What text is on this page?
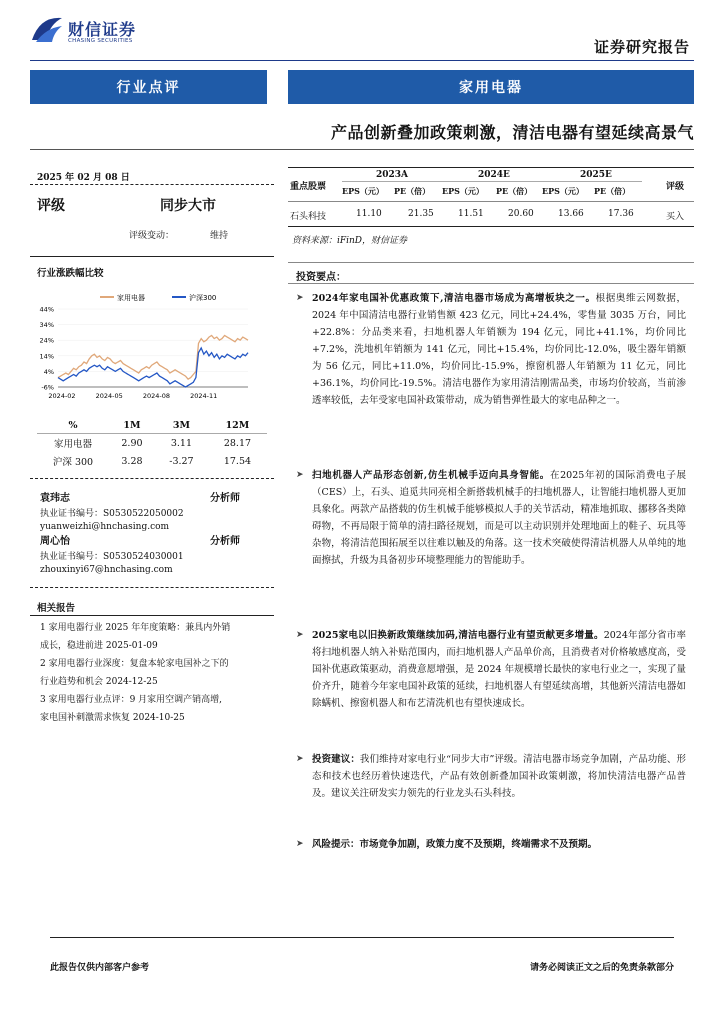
财信证券
CHASING SECURITIES	证券研究报告
行业点评	家用电器
产品创新叠加政策刺激，清洁电器有望延续高景气
2025 年 02 月 08 日
评级	同步大市
评级变动：	维持
行业涨跌幅比较
家用电器	沪深300
44%
34%
24%
14%
4%
-6%
2024-02	2024-05	2024-08	2024-11
%	1M	3M	12M
家用电器	2.90	3.11	28.17
沪深 300	3.28	-3.27	17.54
袁玮志	分析师
执业证书编号：S0530522050002
yuanweizhi@hnchasing.com
周心怡	分析师
执业证书编号：S0530524030001
zhouxinyi67@hnchasing.com
相关报告
1 家用电器行业 2025 年年度策略：兼具内外销
成长，稳进前进 2025-01-09
2 家用电器行业深度：复盘本轮家电国补之下的
行业趋势和机会 2024-12-25
3 家用电器行业点评：9 月家用空调产销高增,
家电国补刺激需求恢复 2024-10-25
重点股票	评级
2023A	2024E	2025E
EPS（元） PE（倍） EPS（元） PE（倍） EPS（元） PE（倍）
石头科技	11.10	21.35	11.51	20.60	13.66	17.36	买入
资料来源：iFinD，财信证券
投资要点：
➤ 2024年家电国补优惠政策下,清洁电器市场成为高增板块之一。根据奥维云网数据，2024 年中国清洁电器行业销售额 423 亿元，同比+24.4%，零售量 3035 万台，同比+22.8%：分品类来看，扫地机器人年销额为 194 亿元，同比+41.1%，均价同比+7.2%，洗地机年销额为 141 亿元，同比+15.4%，均价同比-12.0%，吸尘器年销额为 56 亿元，同比+11.0%，均价同比-15.9%，擦窗机器人年销额为 11 亿元，同比+36.1%，均价同比-19.5%。清洁电器作为家用清洁刚需品类，市场均价较高，当前渗透率较低，去年受家电国补政策带动，成为销售弹性最大的家电品种之一。
➤ 扫地机器人产品形态创新,仿生机械手迈向具身智能。在2025年初的国际消费电子展（CES）上，石头、追觅共同亮相全新搭载机械手的扫地机器人，让智能扫地机器人更加具象化。两款产品搭载的仿生机械手能够模拟人手的关节活动，精准地抓取、挪移各类障碍物，不再局限于简单的清扫路径规划，而是可以主动识别并处理地面上的鞋子、玩具等杂物，将清洁范围拓展至以往难以触及的角落。这一技术突破使得清洁机器人从单纯的地面擦拭，升级为具备初步环境整理能力的智能助手。
➤ 2025家电以旧换新政策继续加码,清洁电器行业有望贡献更多增量。2024年部分省市率将扫地机器人纳入补贴范围内，而扫地机器人产品单价高，且消费者对价格敏感度高，受国补优惠政策驱动，消费意愿增强，是 2024 年规模增长最快的家电行业之一，实现了量价齐升，随着今年家电国补政策的延续，扫地机器人有望延续高增，其他新兴清洁电器如除螨机、擦窗机器人和布艺清洗机也有望快速成长。
➤ 投资建议：我们维持对家电行业“同步大市”评级。清洁电器市场竞争加剧，产品功能、形态和技术也经历着快速迭代，产品有效创新叠加国补政策刺激，将加快清洁电器产品普及。建议关注研发实力领先的行业龙头石头科技。
➤ 风险提示：市场竞争加剧，政策力度不及预期，终端需求不及预期。
此报告仅供内部客户参考	请务必阅读正文之后的免责条款部分
